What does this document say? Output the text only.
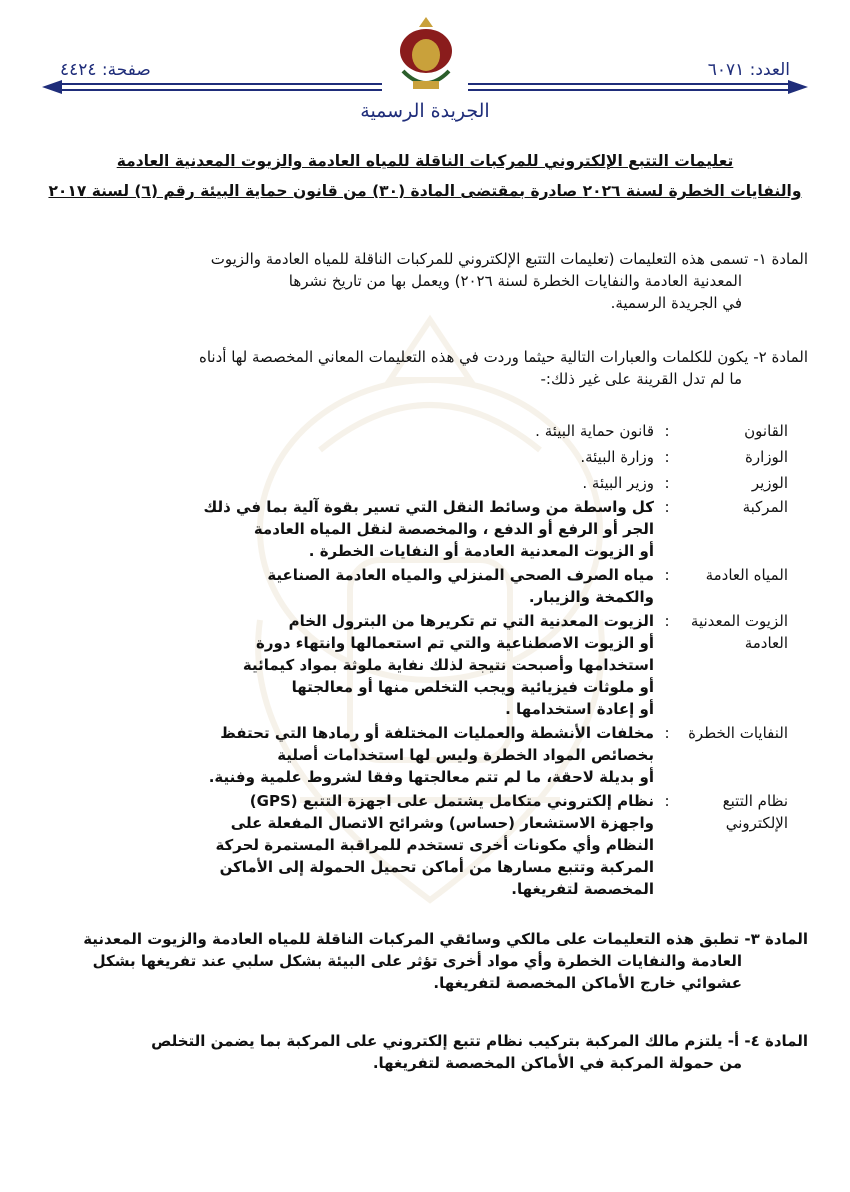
العدد: ٦٠٧١
صفحة: ٤٤٢٤
الجريدة الرسمية
تعليمات التتبع الإلكتروني للمركبات الناقلة للمياه العادمة والزيوت المعدنية العادمة
والنفايات الخطرة لسنة ٢٠٢٦ صادرة بمقتضى المادة (٣٠) من قانون حماية البيئة رقم (٦) لسنة ٢٠١٧
المادة ١- تسمى هذه التعليمات (تعليمات التتبع الإلكتروني للمركبات الناقلة للمياه العادمة والزيوت
المعدنية العادمة والنفايات الخطرة لسنة ٢٠٢٦) ويعمل بها من تاريخ نشرها
في الجريدة الرسمية.
المادة ٢- يكون للكلمات والعبارات التالية حيثما وردت في هذه التعليمات المعاني المخصصة لها أدناه
ما لم تدل القرينة على غير ذلك:-
القانون
:
قانون حماية البيئة .
الوزارة
:
وزارة البيئة.
الوزير
:
وزير البيئة .
المركبة
:
كل واسطة من وسائط النقل التي تسير بقوة آلية بما في ذلك
الجر أو الرفع أو الدفع ، والمخصصة لنقل المياه العادمة
أو الزيوت المعدنية العادمة أو النفايات الخطرة .
المياه العادمة
:
مياه الصرف الصحي المنزلي والمياه العادمة الصناعية
والكمخة والزيبار.
الزيوت المعدنية العادمة
:
الزيوت المعدنية التي تم تكريرها من البترول الخام
أو الزيوت الاصطناعية والتي تم استعمالها وانتهاء دورة
استخدامها وأصبحت نتيجة لذلك نفاية ملوثة بمواد كيمائية
أو ملوثات فيزيائية ويجب التخلص منها أو معالجتها
أو إعادة استخدامها .
النفايات الخطرة
:
مخلفات الأنشطة والعمليات المختلفة أو رمادها التي تحتفظ
بخصائص المواد الخطرة وليس لها استخدامات أصلية
أو بديلة لاحقة، ما لم تتم معالجتها وفقا لشروط علمية وفنية.
نظام التتبع الإلكتروني
:
نظام إلكتروني متكامل يشتمل على اجهزة التتبع (GPS)
واجهزة الاستشعار (حساس) وشرائح الاتصال المفعلة على
النظام وأي مكونات أخرى تستخدم للمراقبة المستمرة لحركة
المركبة وتتبع مسارها من أماكن تحميل الحمولة إلى الأماكن
المخصصة لتفريغها.
المادة ٣- تطبق هذه التعليمات على مالكي وسائقي المركبات الناقلة للمياه العادمة والزيوت المعدنية
العادمة والنفايات الخطرة وأي مواد أخرى تؤثر على البيئة بشكل سلبي عند تفريغها بشكل
عشوائي خارج الأماكن المخصصة لتفريغها.
المادة ٤- أ- يلتزم مالك المركبة بتركيب نظام تتبع إلكتروني على المركبة بما يضمن التخلص
من حمولة المركبة في الأماكن المخصصة لتفريغها.
